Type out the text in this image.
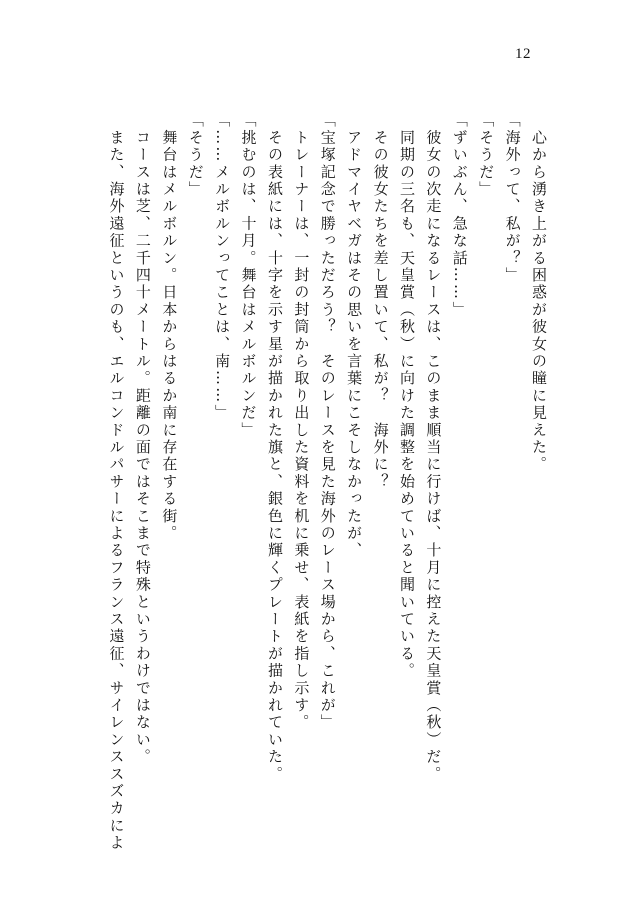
12

　心から湧き上がる困惑が彼女の瞳に見えた。

「海外って、私が？」

「そうだ」

「ずいぶん、急な話……」

　彼女の次走になるレースは、このまま順当に行けば、十月に控えた天皇賞（秋）だ。

　同期の三名も、天皇賞（秋）に向けた調整を始めていると聞いている。

　その彼女たちを差し置いて、私が？　海外に？

　アドマイヤベガはその思いを言葉にこそしなかったが、

「宝塚記念で勝っただろう？　そのレースを見た海外のレース場から、これが」

　トレーナーは、一封の封筒から取り出した資料を机に乗せ、表紙を指し示す。

　その表紙には、十字を示す星が描かれた旗と、銀色に輝くプレートが描かれていた。

「挑むのは、十月。舞台はメルボルンだ」

「……メルボルンってことは、南……」

「そうだ」

　舞台はメルボルン。日本からはるか南に存在する街。

　コースは芝、二千四十メートル。距離の面ではそこまで特殊というわけではない。

　また、海外遠征というのも、エルコンドルパサーによるフランス遠征、サイレンススズカによ
